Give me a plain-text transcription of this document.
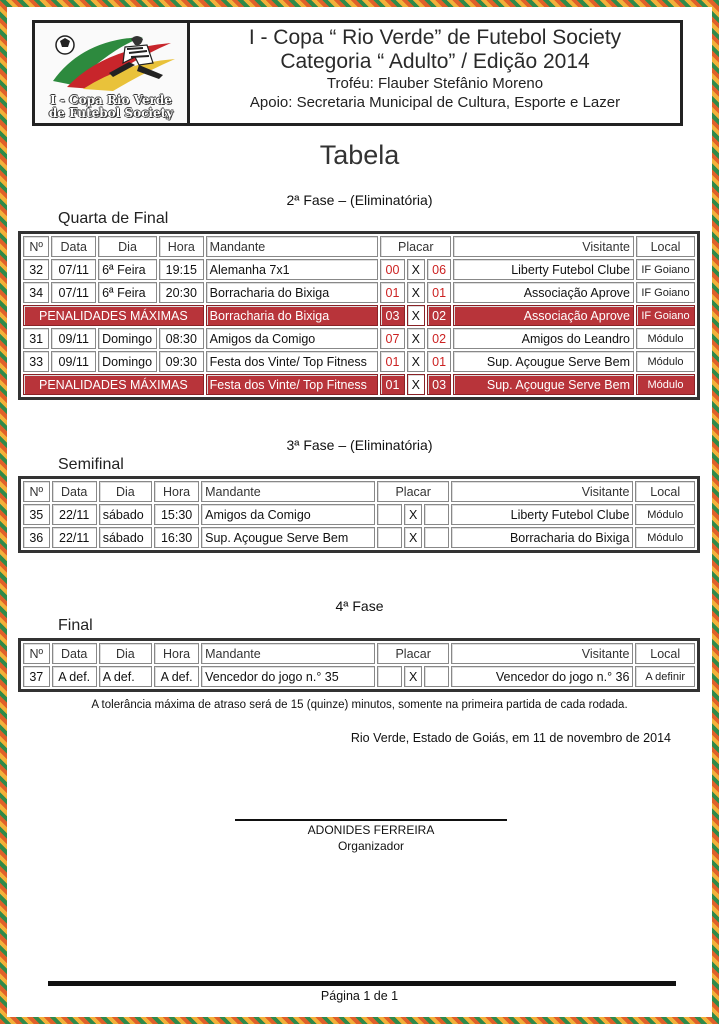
I - Copa Rio Verde
de Futebol Society
I - Copa “ Rio Verde” de Futebol Society
Categoria “ Adulto” / Edição 2014
Troféu: Flauber Stefânio Moreno
Apoio: Secretaria Municipal de Cultura, Esporte e Lazer
Tabela
2ª Fase – (Eliminatória)
Quarta de Final
Nº	Data	Dia	Hora	Mandante	Placar			Visitante	Local
32	07/11	6ª Feira	19:15	Alemanha 7x1	00	X	06	Liberty Futebol Clube	IF Goiano
34	07/11	6ª Feira	20:30	Borracharia do Bixiga	01	X	01	Associação Aprove	IF Goiano
PENALIDADES MÁXIMAS				Borracharia do Bixiga	03	X	02	Associação Aprove	IF Goiano
31	09/11	Domingo	08:30	Amigos da Comigo	07	X	02	Amigos do Leandro	Módulo
33	09/11	Domingo	09:30	Festa dos Vinte/ Top Fitness	01	X	01	Sup. Açougue Serve Bem	Módulo
PENALIDADES MÁXIMAS				Festa dos Vinte/ Top Fitness	01	X	03	Sup. Açougue Serve Bem	Módulo
3ª Fase – (Eliminatória)
Semifinal
Nº	Data	Dia	Hora	Mandante	Placar			Visitante	Local
35	22/11	sábado	15:30	Amigos da Comigo		X		Liberty Futebol Clube	Módulo
36	22/11	sábado	16:30	Sup. Açougue Serve Bem		X		Borracharia do Bixiga	Módulo
4ª Fase
Final
Nº	Data	Dia	Hora	Mandante	Placar			Visitante	Local
37	A def.	A def.	A def.	Vencedor do jogo n.° 35		X		Vencedor do jogo n.° 36	A definir
A tolerância máxima de atraso será de 15 (quinze) minutos, somente na primeira partida de cada rodada.
Rio Verde, Estado de Goiás, em 11 de novembro de 2014
ADONIDES FERREIRA
Organizador
Página 1 de 1
